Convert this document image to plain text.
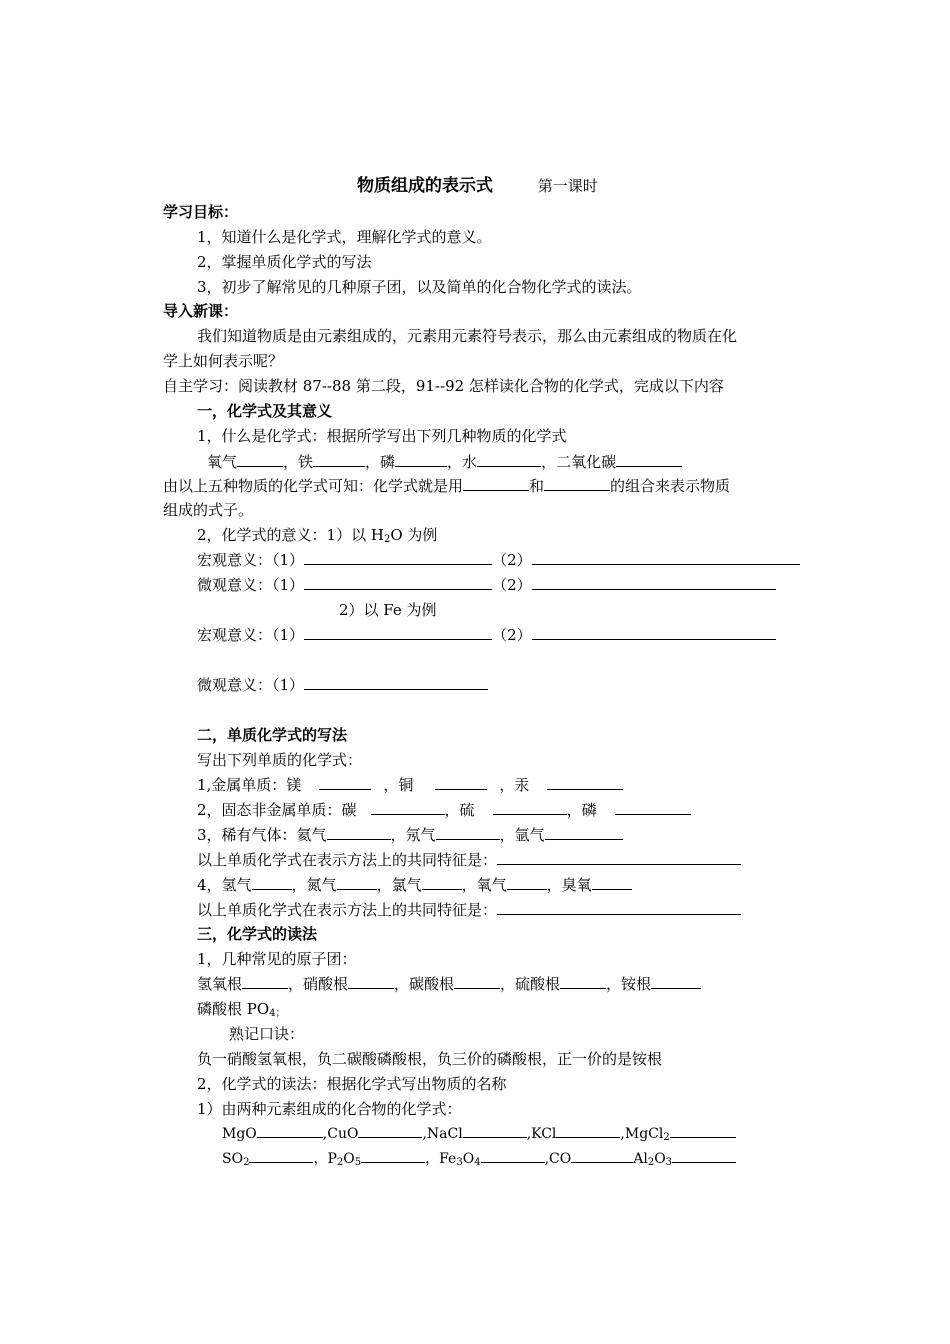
物质组成的表示式	第一课时
学习目标：
1，知道什么是化学式，理解化学式的意义。
2，掌握单质化学式的写法
3，初步了解常见的几种原子团，以及简单的化合物化学式的读法。
导入新课：
我们知道物质是由元素组成的，元素用元素符号表示，那么由元素组成的物质在化
学上如何表示呢？
自主学习：阅读教材 87--88 第二段，91--92 怎样读化合物的化学式，完成以下内容
一，化学式及其意义
1，什么是化学式：根据所学写出下列几种物质的化学式
氧气	，铁	，磷	，水	，二氧化碳
由以上五种物质的化学式可知：化学式就是用	和	的组合来表示物质
组成的式子。
2，化学式的意义：1）以 $H_2O$ 为例
宏观意义：（1）	（2）
微观意义：（1）	（2）
2）以 Fe 为例
宏观意义：（1）	（2）
微观意义：（1）
二，单质化学式的写法
写出下列单质的化学式：
1,金属单质：镁	，铜	，汞
2，固态非金属单质：碳	，硫	，磷
3，稀有气体：氦气	，氖气	，氩气
以上单质化学式在表示方法上的共同特征是：
4，氢气	，氮气	，氯气	，氧气	，臭氧
以上单质化学式在表示方法上的共同特征是：
三，化学式的读法
1，几种常见的原子团：
氢氧根	，硝酸根	，碳酸根	，硫酸根	，铵根
磷酸根 $PO_{4;}$
熟记口诀：
负一硝酸氢氧根，负二碳酸磷酸根，负三价的磷酸根，正一价的是铵根
2，化学式的读法：根据化学式写出物质的名称
1）由两种元素组成的化合物的化学式：
MgO	,CuO	,NaCl	,KCl	,MgCl$_2$
$SO_2$	，$P_2O_5$	，$Fe_3O_4$	,CO	$Al_2O_3$
